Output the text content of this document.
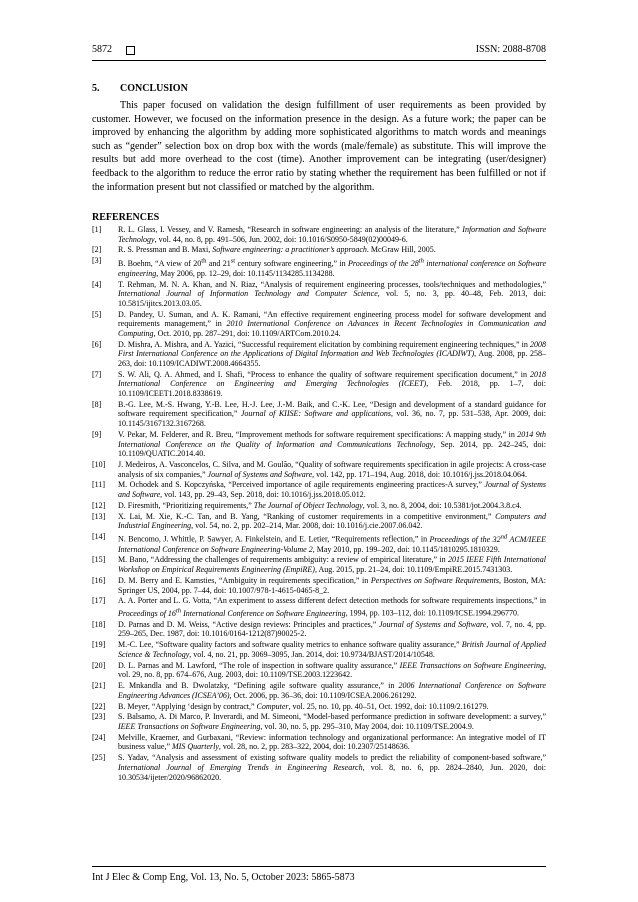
5872	ISSN: 2088-8708
5. CONCLUSION

This paper focused on validation the design fulfillment of user requirements as been provided by customer. However, we focused on the information presence in the design. As a future work; the paper can be improved by enhancing the algorithm by adding more sophisticated algorithms to match words and meanings such as “gender” selection box on drop box with the words (male/female) as substitute. This will improve the results but add more overhead to the cost (time). Another improvement can be integrating (user/designer) feedback to the algorithm to reduce the error ratio by stating whether the requirement has been fulfilled or not if the information present but not classified or matched by the algorithm.

REFERENCES
[1] R. L. Glass, I. Vessey, and V. Ramesh, “Research in software engineering: an analysis of the literature,” Information and Software Technology, vol. 44, no. 8, pp. 491–506, Jun. 2002, doi: 10.1016/S0950-5849(02)00049-6.
[2] R. S. Pressman and B. Maxi, Software engineering: a practitioner’s approach. McGraw Hill, 2005.
[3] B. Boehm, “A view of 20th and 21st century software engineering,” in Proceedings of the 28th international conference on Software engineering, May 2006, pp. 12–29, doi: 10.1145/1134285.1134288.
[4] T. Rehman, M. N. A. Khan, and N. Riaz, “Analysis of requirement engineering processes, tools/techniques and methodologies,” International Journal of Information Technology and Computer Science, vol. 5, no. 3, pp. 40–48, Feb. 2013, doi: 10.5815/ijitcs.2013.03.05.
[5] D. Pandey, U. Suman, and A. K. Ramani, “An effective requirement engineering process model for software development and requirements management,” in 2010 International Conference on Advances in Recent Technologies in Communication and Computing, Oct. 2010, pp. 287–291, doi: 10.1109/ARTCom.2010.24.
[6] D. Mishra, A. Mishra, and A. Yazici, “Successful requirement elicitation by combining requirement engineering techniques,” in 2008 First International Conference on the Applications of Digital Information and Web Technologies (ICADIWT), Aug. 2008, pp. 258–263, doi: 10.1109/ICADIWT.2008.4664355.
[7] S. W. Ali, Q. A. Ahmed, and I. Shafi, “Process to enhance the quality of software requirement specification document,” in 2018 International Conference on Engineering and Emerging Technologies (ICEET), Feb. 2018, pp. 1–7, doi: 10.1109/ICEET1.2018.8338619.
[8] B.-G. Lee, M.-S. Hwang, Y.-B. Lee, H.-J. Lee, J.-M. Baik, and C.-K. Lee, “Design and development of a standard guidance for software requirement specification,” Journal of KIISE: Software and applications, vol. 36, no. 7, pp. 531–538, Apr. 2009, doi: 10.1145/3167132.3167268.
[9] V. Pekar, M. Felderer, and R. Breu, “Improvement methods for software requirement specifications: A mapping study,” in 2014 9th International Conference on the Quality of Information and Communications Technology, Sep. 2014, pp. 242–245, doi: 10.1109/QUATIC.2014.40.
[10] J. Medeiros, A. Vasconcelos, C. Silva, and M. Goulão, “Quality of software requirements specification in agile projects: A cross-case analysis of six companies,” Journal of Systems and Software, vol. 142, pp. 171–194, Aug. 2018, doi: 10.1016/j.jss.2018.04.064.
[11] M. Ochodek and S. Kopczyńska, “Perceived importance of agile requirements engineering practices-A survey,” Journal of Systems and Software, vol. 143, pp. 29–43, Sep. 2018, doi: 10.1016/j.jss.2018.05.012.
[12] D. Firesmith, “Prioritizing requirements,” The Journal of Object Technology, vol. 3, no. 8, 2004, doi: 10.5381/jot.2004.3.8.c4.
[13] X. Lai, M. Xie, K.-C. Tan, and B. Yang, “Ranking of customer requirements in a competitive environment,” Computers and Industrial Engineering, vol. 54, no. 2, pp. 202–214, Mar. 2008, doi: 10.1016/j.cie.2007.06.042.
[14] N. Bencomo, J. Whittle, P. Sawyer, A. Finkelstein, and E. Letier, “Requirements reflection,” in Proceedings of the 32nd ACM/IEEE International Conference on Software Engineering-Volume 2, May 2010, pp. 199–202, doi: 10.1145/1810295.1810329.
[15] M. Bano, “Addressing the challenges of requirements ambiguity: a review of empirical literature,” in 2015 IEEE Fifth International Workshop on Empirical Requirements Engineering (EmpiRE), Aug. 2015, pp. 21–24, doi: 10.1109/EmpiRE.2015.7431303.
[16] D. M. Berry and E. Kamsties, “Ambiguity in requirements specification,” in Perspectives on Software Requirements, Boston, MA: Springer US, 2004, pp. 7–44, doi: 10.1007/978-1-4615-0465-8_2.
[17] A. A. Porter and L. G. Votta, “An experiment to assess different defect detection methods for software requirements inspections,” in Proceedings of 16th International Conference on Software Engineering, 1994, pp. 103–112, doi: 10.1109/ICSE.1994.296770.
[18] D. Parnas and D. M. Weiss, “Active design reviews: Principles and practices,” Journal of Systems and Software, vol. 7, no. 4, pp. 259–265, Dec. 1987, doi: 10.1016/0164-1212(87)90025-2.
[19] M.-C. Lee, “Software quality factors and software quality metrics to enhance software quality assurance,” British Journal of Applied Science & Technology, vol. 4, no. 21, pp. 3069–3095, Jan. 2014, doi: 10.9734/BJAST/2014/10548.
[20] D. L. Parnas and M. Lawford, “The role of inspection in software quality assurance,” IEEE Transactions on Software Engineering, vol. 29, no. 8, pp. 674–676, Aug. 2003, doi: 10.1109/TSE.2003.1223642.
[21] E. Mnkandla and B. Dwolatzky, “Defining agile software quality assurance,” in 2006 International Conference on Software Engineering Advances (ICSEA’06), Oct. 2006, pp. 36–36, doi: 10.1109/ICSEA.2006.261292.
[22] B. Meyer, “Applying ‘design by contract,” Computer, vol. 25, no. 10, pp. 40–51, Oct. 1992, doi: 10.1109/2.161279.
[23] S. Balsamo, A. Di Marco, P. Inverardi, and M. Simeoni, “Model-based performance prediction in software development: a survey,” IEEE Transactions on Software Engineering, vol. 30, no. 5, pp. 295–310, May 2004, doi: 10.1109/TSE.2004.9.
[24] Melville, Kraemer, and Gurbaxani, “Review: information technology and organizational performance: An integrative model of IT business value,” MIS Quarterly, vol. 28, no. 2, pp. 283–322, 2004, doi: 10.2307/25148636.
[25] S. Yadav, “Analysis and assessment of existing software quality models to predict the reliability of component-based software,” International Journal of Emerging Trends in Engineering Research, vol. 8, no. 6, pp. 2824–2840, Jun. 2020, doi: 10.30534/ijeter/2020/96862020.
Int J Elec & Comp Eng, Vol. 13, No. 5, October 2023: 5865-5873
